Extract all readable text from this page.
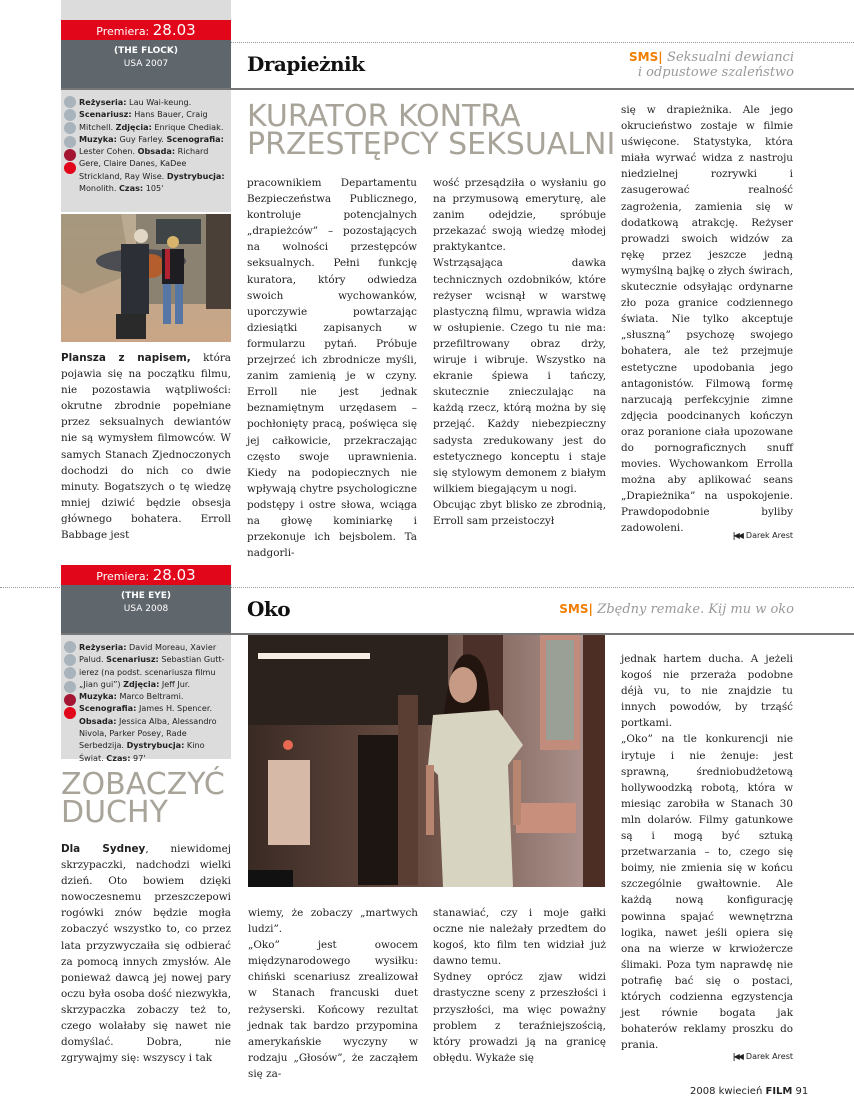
Premiera: 28.03
(THE FLOCK)
USA 2007	Drapieżnik	SMS| Seksualni dewianci
i odpustowe szaleństwo
Reżyseria: Lau Wai-keung. Scenariusz: Hans Bauer, Craig Mitchell. Zdjęcia: Enrique Chediak. Muzyka: Guy Farley. Scenografia: Lester Cohen. Obsada: Richard Gere, Claire Danes, KaDee Strickland, Ray Wise. Dystrybucja: Monolith. Czas: 105'
KURATOR KONTRA
PRZESTĘPCY SEKSUALNI

Plansza z napisem, która pojawia się na początku filmu, nie pozostawia wątpliwości: okrutne zbrodnie popełniane przez seksualnych dewiantów nie są wymysłem filmowców. W samych Stanach Zjednoczonych dochodzi do nich co dwie minuty. Bogatszych o tę wiedzę mniej dziwić będzie obsesja głównego bohatera. Erroll Babbage jest

pracownikiem Departamentu Bezpieczeństwa Publicznego, kontroluje potencjalnych „drapieżców” – pozostających na wolności przestępców seksualnych. Pełni funkcję kuratora, który odwiedza swoich wychowanków, uporczywie powtarzając dziesiątki zapisanych w formularzu pytań. Próbuje przejrzeć ich zbrodnicze myśli, zanim zamienią je w czyny. Erroll nie jest jednak beznamiętnym urzędasem – pochłonięty pracą, poświęca się jej całkowicie, przekraczając często swoje uprawnienia. Kiedy na podopiecznych nie wpływają chytre psychologiczne podstępy i ostre słowa, wciąga na głowę kominiarkę i przekonuje ich bejsbolem. Ta nadgorli-

wość przesądziła o wysłaniu go na przymusową emeryturę, ale zanim odejdzie, spróbuje przekazać swoją wiedzę młodej praktykantce.

Wstrząsająca dawka technicznych ozdobników, które reżyser wcisnął w warstwę plastyczną filmu, wprawia widza w osłupienie. Czego tu nie ma: przefiltrowany obraz drży, wiruje i wibruje. Wszystko na ekranie śpiewa i tańczy, skutecznie znieczulając na każdą rzecz, którą można by się przejąć. Każdy niebezpieczny sadysta zredukowany jest do estetycznego konceptu i staje się stylowym demonem z białym wilkiem biegającym u nogi.

Obcując zbyt blisko ze zbrodnią, Erroll sam przeistoczył

się w drapieżnika. Ale jego okrucieństwo zostaje w filmie uświęcone. Statystyka, która miała wyrwać widza z nastroju niedzielnej rozrywki i zasugerować realność zagrożenia, zamienia się w dodatkową atrakcję. Reżyser prowadzi swoich widzów za rękę przez jeszcze jedną wymyślną bajkę o złych świrach, skutecznie odsyłając ordynarne zło poza granice codziennego świata. Nie tylko akceptuje „słuszną” psychozę swojego bohatera, ale też przejmuje estetyczne upodobania jego antagonistów. Filmową formę narzucają perfekcyjnie zimne zdjęcia poodcinanych kończyn oraz poranione ciała upozowane do pornograficznych snuff movies. Wychowankom Errolla można aby aplikować seans „Drapieżnika” na uspokojenie. Prawdopodobnie byliby zadowoleni.

|◀◀ Darek Arest
Premiera: 28.03
(THE EYE)
USA 2008	Oko	SMS| Zbędny remake. Kij mu w oko
Reżyseria: David Moreau, Xavier Palud. Scenariusz: Sebastian Guttierez (na podst. scenariusza filmu „Jian gui”) Zdjęcia: Jeff Jur. Muzyka: Marco Beltrami. Scenografia: James H. Spencer. Obsada: Jessica Alba, Alessandro Nivola, Parker Posey, Rade Serbedzija. Dystrybucja: Kino Świat. Czas: 97'
ZOBACZYĆ
DUCHY

Dla Sydney, niewidomej skrzypaczki, nadchodzi wielki dzień. Oto bowiem dzięki nowoczesnemu przeszczepowi rogówki znów będzie mogła zobaczyć wszystko to, co przez lata przyzwyczaiła się odbierać za pomocą innych zmysłów. Ale ponieważ dawcą jej nowej pary oczu była osoba dość niezwykła, skrzypaczka zobaczy też to, czego wolałaby się nawet nie domyślać. Dobra, nie zgrywajmy się: wszyscy i tak

wiemy, że zobaczy „martwych ludzi”.

„Oko” jest owocem międzynarodowego wysiłku: chiński scenariusz zrealizował w Stanach francuski duet reżyserski. Końcowy rezultat jednak tak bardzo przypomina amerykańskie wyczyny w rodzaju „Głosów”, że zacząłem się za-

stanawiać, czy i moje gałki oczne nie należały przedtem do kogoś, kto film ten widział już dawno temu.

Sydney oprócz zjaw widzi drastyczne sceny z przeszłości i przyszłości, ma więc poważny problem z teraźniejszością, który prowadzi ją na granicę obłędu. Wykaże się

jednak hartem ducha. A jeżeli kogoś nie przeraża podobne déjà vu, to nie znajdzie tu innych powodów, by trząść portkami.

„Oko” na tle konkurencji nie irytuje i nie żenuje: jest sprawną, średniobudżetową hollywoodzką robotą, która w miesiąc zarobiła w Stanach 30 mln dolarów. Filmy gatunkowe są i mogą być sztuką przetwarzania – to, czego się boimy, nie zmienia się w końcu szczególnie gwałtownie. Ale każdą nową konfigurację powinna spajać wewnętrzna logika, nawet jeśli opiera się ona na wierze w krwiożercze ślimaki. Poza tym naprawdę nie potrafię bać się o postaci, których codzienna egzystencja jest równie bogata jak bohaterów reklamy proszku do prania.

|◀◀ Darek Arest
2008 kwiecień FILM 91
